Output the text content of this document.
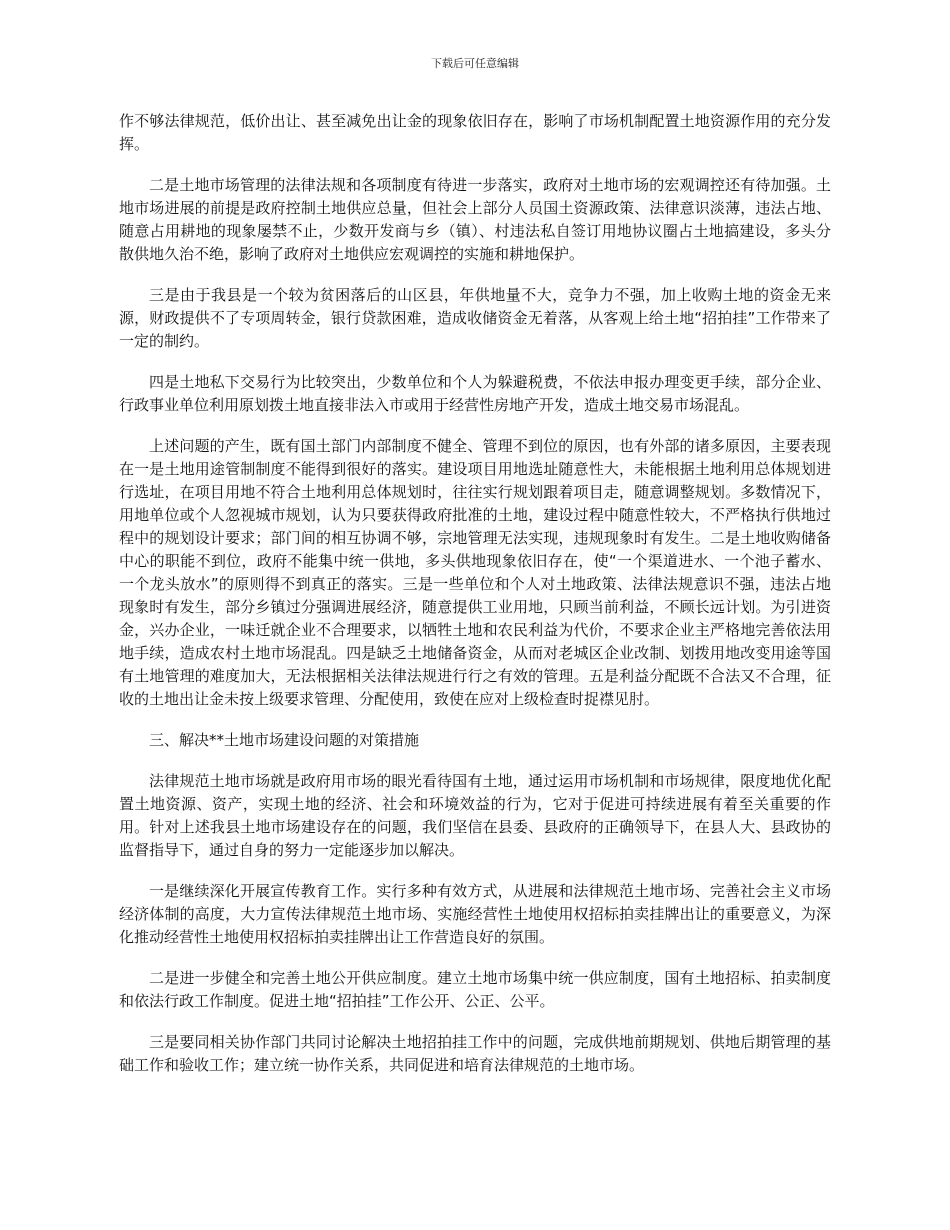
下载后可任意编辑

作不够法律规范，低价出让、甚至减免出让金的现象依旧存在，影响了市场机制配置土地资源作用的充分发挥。

二是土地市场管理的法律法规和各项制度有待进一步落实，政府对土地市场的宏观调控还有待加强。土地市场进展的前提是政府控制土地供应总量，但社会上部分人员国土资源政策、法律意识淡薄，违法占地、随意占用耕地的现象屡禁不止，少数开发商与乡（镇）、村违法私自签订用地协议圈占土地搞建设，多头分散供地久治不绝，影响了政府对土地供应宏观调控的实施和耕地保护。

三是由于我县是一个较为贫困落后的山区县，年供地量不大，竞争力不强，加上收购土地的资金无来源，财政提供不了专项周转金，银行贷款困难，造成收储资金无着落，从客观上给土地“招拍挂”工作带来了一定的制约。

四是土地私下交易行为比较突出，少数单位和个人为躲避税费，不依法申报办理变更手续，部分企业、行政事业单位利用原划拨土地直接非法入市或用于经营性房地产开发，造成土地交易市场混乱。

上述问题的产生，既有国土部门内部制度不健全、管理不到位的原因，也有外部的诸多原因，主要表现在一是土地用途管制制度不能得到很好的落实。建设项目用地选址随意性大，未能根据土地利用总体规划进行选址，在项目用地不符合土地利用总体规划时，往往实行规划跟着项目走，随意调整规划。多数情况下，用地单位或个人忽视城市规划，认为只要获得政府批准的土地，建设过程中随意性较大，不严格执行供地过程中的规划设计要求；部门间的相互协调不够，宗地管理无法实现，违规现象时有发生。二是土地收购储备中心的职能不到位，政府不能集中统一供地，多头供地现象依旧存在，使“一个渠道进水、一个池子蓄水、一个龙头放水”的原则得不到真正的落实。三是一些单位和个人对土地政策、法律法规意识不强，违法占地现象时有发生，部分乡镇过分强调进展经济，随意提供工业用地，只顾当前利益，不顾长远计划。为引进资金，兴办企业，一味迁就企业不合理要求，以牺牲土地和农民利益为代价，不要求企业主严格地完善依法用地手续，造成农村土地市场混乱。四是缺乏土地储备资金，从而对老城区企业改制、划拨用地改变用途等国有土地管理的难度加大，无法根据相关法律法规进行行之有效的管理。五是利益分配既不合法又不合理，征收的土地出让金未按上级要求管理、分配使用，致使在应对上级检查时捉襟见肘。

三、解决**土地市场建设问题的对策措施

法律规范土地市场就是政府用市场的眼光看待国有土地，通过运用市场机制和市场规律，限度地优化配置土地资源、资产，实现土地的经济、社会和环境效益的行为，它对于促进可持续进展有着至关重要的作用。针对上述我县土地市场建设存在的问题，我们坚信在县委、县政府的正确领导下，在县人大、县政协的监督指导下，通过自身的努力一定能逐步加以解决。

一是继续深化开展宣传教育工作。实行多种有效方式，从进展和法律规范土地市场、完善社会主义市场经济体制的高度，大力宣传法律规范土地市场、实施经营性土地使用权招标拍卖挂牌出让的重要意义，为深化推动经营性土地使用权招标拍卖挂牌出让工作营造良好的氛围。

二是进一步健全和完善土地公开供应制度。建立土地市场集中统一供应制度，国有土地招标、拍卖制度和依法行政工作制度。促进土地“招拍挂”工作公开、公正、公平。

三是要同相关协作部门共同讨论解决土地招拍挂工作中的问题，完成供地前期规划、供地后期管理的基础工作和验收工作；建立统一协作关系，共同促进和培育法律规范的土地市场。
